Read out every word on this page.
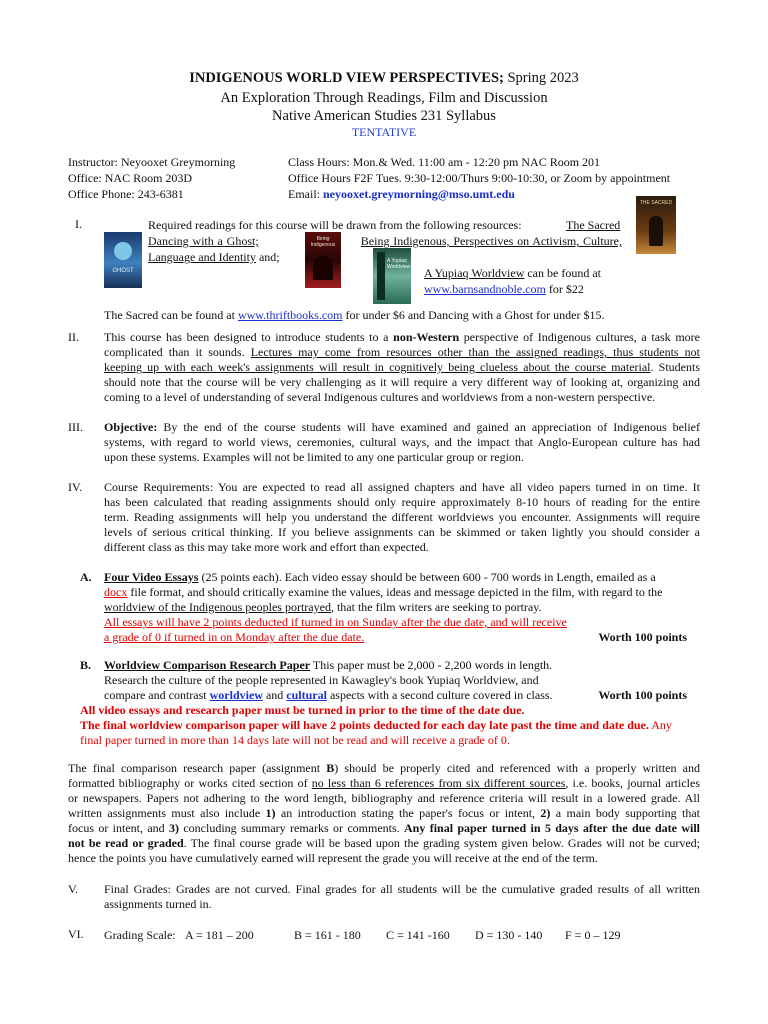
INDIGENOUS WORLD VIEW PERSPECTIVES; Spring 2023
An Exploration Through Readings, Film and Discussion
Native American Studies 231 Syllabus
TENTATIVE
Instructor: Neyooxet Greymorning
Office: NAC Room 203D
Office Phone: 243-6381
Class Hours: Mon.& Wed. 11:00 am - 12:20 pm NAC Room 201
Office Hours F2F Tues. 9:30-12:00/Thurs 9:00-10:30, or Zoom by appointment
Email: neyooxet.greymorning@mso.umt.edu
I.	Required readings for this course will be drawn from the following resources:	The Sacred
THE SACRED
GHOST
Being Indigenous
A Yupiaq Worldview
Dancing with a Ghost;	Being Indigenous, Perspectives on Activism, Culture,
Language and Identity and;
A Yupiaq Worldview can be found at
www.barnsandnoble.com for $22
The Sacred can be found at www.thriftbooks.com for under $6 and Dancing with a Ghost for under $15.
II. This course has been designed to introduce students to a non-Western perspective of Indigenous cultures, a task more
complicated than it sounds. Lectures may come from resources other than the assigned readings, thus students not
keeping up with each week's assignments will result in cognitively being clueless about the course material. Students
should note that the course will be very challenging as it will require a very different way of looking at, organizing and
coming to a level of understanding of several Indigenous cultures and worldviews from a non-western perspective.
III. Objective: By the end of the course students will have examined and gained an appreciation of Indigenous belief
systems, with regard to world views, ceremonies, cultural ways, and the impact that Anglo-European culture has had
upon these systems. Examples will not be limited to any one particular group or region.
IV. Course Requirements: You are expected to read all assigned chapters and have all video papers turned in on time. It
has been calculated that reading assignments should only require approximately 8-10 hours of reading for the entire
term. Reading assignments will help you understand the different worldviews you encounter. Assignments will require
levels of serious critical thinking. If you believe assignments can be skimmed or taken lightly you should consider a
different class as this may take more work and effort than expected.
A. Four Video Essays (25 points each). Each video essay should be between 600 - 700 words in Length, emailed as a
docx file format, and should critically examine the values, ideas and message depicted in the film, with regard to the
worldview of the Indigenous peoples portrayed, that the film writers are seeking to portray.
All essays will have 2 points deducted if turned in on Sunday after the due date, and will receive
a grade of 0 if turned in on Monday after the due date.	Worth 100 points
B. Worldview Comparison Research Paper This paper must be 2,000 - 2,200 words in length.
Research the culture of the people represented in Kawagley's book Yupiaq Worldview, and
compare and contrast worldview and cultural aspects with a second culture covered in class.	Worth 100 points
All video essays and research paper must be turned in prior to the time of the date due.
The final worldview comparison paper will have 2 points deducted for each day late past the time and date due. Any
final paper turned in more than 14 days late will not be read and will receive a grade of 0.
The final comparison research paper (assignment B) should be properly cited and referenced with a properly written and
formatted bibliography or works cited section of no less than 6 references from six different sources, i.e. books, journal articles
or newspapers. Papers not adhering to the word length, bibliography and reference criteria will result in a lowered grade. All
written assignments must also include 1) an introduction stating the paper's focus or intent, 2) a main body supporting that
focus or intent, and 3) concluding summary remarks or comments. Any final paper turned in 5 days after the due date will
not be read or graded. The final course grade will be based upon the grading system given below. Grades will not be curved;
hence the points you have cumulatively earned will represent the grade you will receive at the end of the term.
V. Final Grades: Grades are not curved. Final grades for all students will be the cumulative graded results of all written
assignments turned in.
VI. Grading Scale: A = 181 – 200	B = 161 - 180 C = 141 -160 D = 130 - 140 F = 0 – 129
